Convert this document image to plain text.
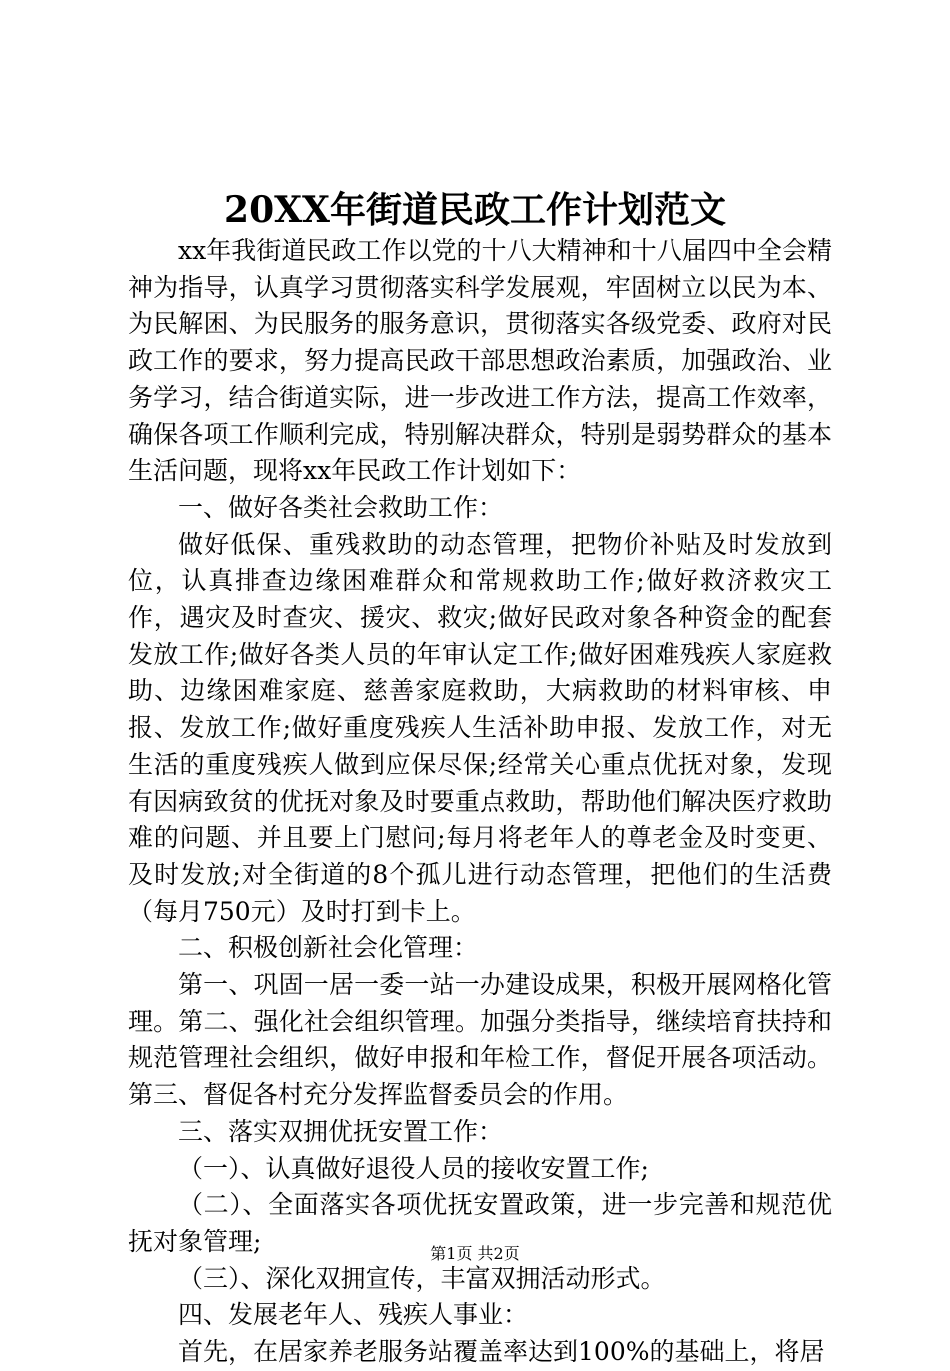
20XX年街道民政工作计划范文

xx年我街道民政工作以党的十八大精神和十八届四中全会精神为指导，认真学习贯彻落实科学发展观，牢固树立以民为本、为民解困、为民服务的服务意识，贯彻落实各级党委、政府对民政工作的要求，努力提高民政干部思想政治素质，加强政治、业务学习，结合街道实际，进一步改进工作方法，提高工作效率，确保各项工作顺利完成，特别解决群众，特别是弱势群众的基本生活问题，现将xx年民政工作计划如下：

一、做好各类社会救助工作：

做好低保、重残救助的动态管理，把物价补贴及时发放到位，认真排查边缘困难群众和常规救助工作;做好救济救灾工作，遇灾及时查灾、援灾、救灾;做好民政对象各种资金的配套发放工作;做好各类人员的年审认定工作;做好困难残疾人家庭救助、边缘困难家庭、慈善家庭救助，大病救助的材料审核、申报、发放工作;做好重度残疾人生活补助申报、发放工作，对无生活的重度残疾人做到应保尽保;经常关心重点优抚对象，发现有因病致贫的优抚对象及时要重点救助，帮助他们解决医疗救助难的问题、并且要上门慰问;每月将老年人的尊老金及时变更、及时发放;对全街道的8个孤儿进行动态管理，把他们的生活费（每月750元）及时打到卡上。

二、积极创新社会化管理：

第一、巩固一居一委一站一办建设成果，积极开展网格化管理。第二、强化社会组织管理。加强分类指导，继续培育扶持和规范管理社会组织，做好申报和年检工作，督促开展各项活动。第三、督促各村充分发挥监督委员会的作用。

三、落实双拥优抚安置工作：

（一）、认真做好退役人员的接收安置工作;

（二）、全面落实各项优抚安置政策，进一步完善和规范优抚对象管理;

（三）、深化双拥宣传，丰富双拥活动形式。

四、发展老年人、残疾人事业：

首先，在居家养老服务站覆盖率达到100%的基础上，将居

第1页 共2页
